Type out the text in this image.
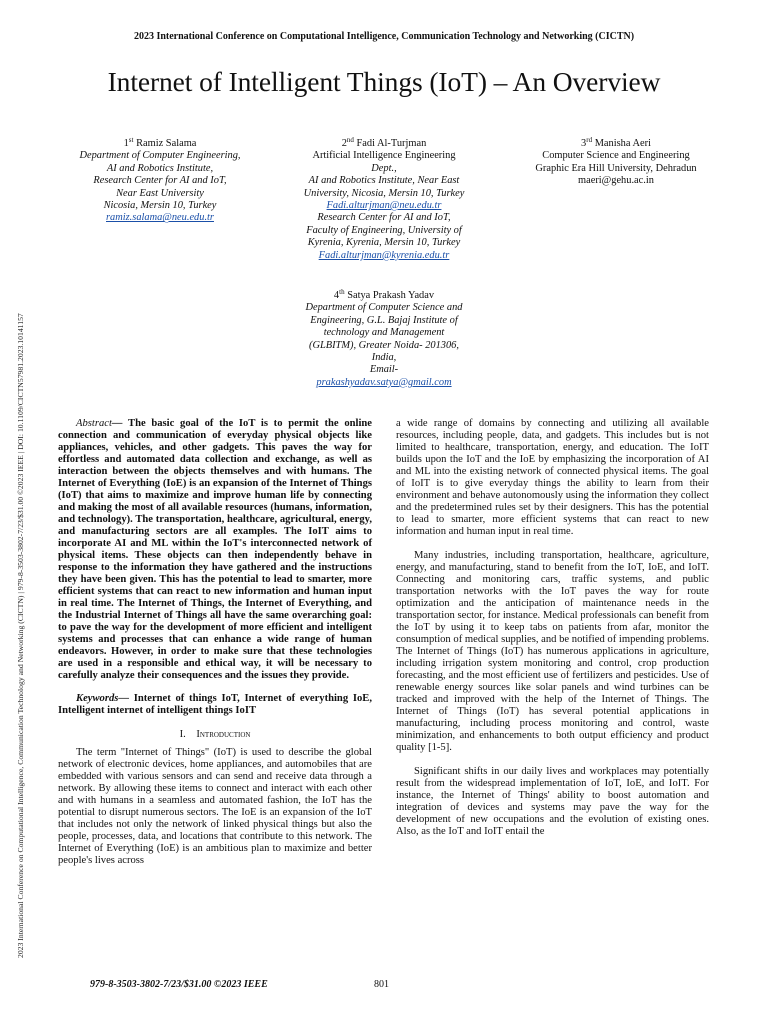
2023 International Conference on Computational Intelligence, Communication Technology and Networking (CICTN)
Internet of Intelligent Things (IoT) – An Overview
2023 International Conference on Computational Intelligence, Communication Technology and Networking (CICTN) | 979-8-3503-3802-7/23/$31.00 ©2023 IEEE | DOI: 10.1109/CICTN57981.2023.10141157
1st Ramiz Salama
Department of Computer Engineering,
AI and Robotics Institute,
Research Center for AI and IoT,
Near East University
Nicosia, Mersin 10, Turkey
ramiz.salama@neu.edu.tr
2nd Fadi Al-Turjman
Artificial Intelligence Engineering
Dept.,
AI and Robotics Institute, Near East
University, Nicosia, Mersin 10, Turkey
Fadi.alturjman@neu.edu.tr
Research Center for AI and IoT,
Faculty of Engineering, University of
Kyrenia, Kyrenia, Mersin 10, Turkey
Fadi.alturjman@kyrenia.edu.tr
3rd Manisha Aeri
Computer Science and Engineering
Graphic Era Hill University, Dehradun
maeri@gehu.ac.in
4th Satya Prakash Yadav
Department of Computer Science and
Engineering, G.L. Bajaj Institute of
technology and Management
(GLBITM), Greater Noida- 201306,
India,
Email-
prakashyadav.satya@gmail.com

Abstract— The basic goal of the IoT is to permit the online connection and communication of everyday physical objects like appliances, vehicles, and other gadgets. This paves the way for effortless and automated data collection and exchange, as well as interaction between the objects themselves and with humans. The Internet of Everything (IoE) is an expansion of the Internet of Things (IoT) that aims to maximize and improve human life by connecting and making the most of all available resources (humans, information, and technology). The transportation, healthcare, agricultural, energy, and manufacturing sectors are all examples. The IoIT aims to incorporate AI and ML within the IoT's interconnected network of physical items. These objects can then independently behave in response to the information they have gathered and the instructions they have been given. This has the potential to lead to smarter, more efficient systems that can react to new information and human input in real time. The Internet of Things, the Internet of Everything, and the Industrial Internet of Things all have the same overarching goal: to pave the way for the development of more efficient and intelligent systems and processes that can enhance a wide range of human endeavors. However, in order to make sure that these technologies are used in a responsible and ethical way, it will be necessary to carefully analyze their consequences and the issues they provide.

Keywords— Internet of things IoT, Internet of everything IoE, Intelligent internet of intelligent things IoIT

I. Introduction

The term "Internet of Things" (IoT) is used to describe the global network of electronic devices, home appliances, and automobiles that are embedded with various sensors and can send and receive data through a network. By allowing these items to connect and interact with each other and with humans in a seamless and automated fashion, the IoT has the potential to disrupt numerous sectors. The IoE is an expansion of the IoT that includes not only the network of linked physical things but also the people, processes, data, and locations that contribute to this network. The Internet of Everything (IoE) is an ambitious plan to maximize and better people's lives across

a wide range of domains by connecting and utilizing all available resources, including people, data, and gadgets. This includes but is not limited to healthcare, transportation, energy, and education. The IoIT builds upon the IoT and the IoE by emphasizing the incorporation of AI and ML into the existing network of connected physical items. The goal of IoIT is to give everyday things the ability to learn from their environment and behave autonomously using the information they collect and the predetermined rules set by their designers. This has the potential to lead to smarter, more efficient systems that can react to new information and human input in real time.

Many industries, including transportation, healthcare, agriculture, energy, and manufacturing, stand to benefit from the IoT, IoE, and IoIT. Connecting and monitoring cars, traffic systems, and public transportation networks with the IoT paves the way for route optimization and the anticipation of maintenance needs in the transportation sector, for instance. Medical professionals can benefit from the IoT by using it to keep tabs on patients from afar, monitor the consumption of medical supplies, and be notified of impending problems. The Internet of Things (IoT) has numerous applications in agriculture, including irrigation system monitoring and control, crop production forecasting, and the most efficient use of fertilizers and pesticides. Use of renewable energy sources like solar panels and wind turbines can be tracked and improved with the help of the Internet of Things. The Internet of Things (IoT) has several potential applications in manufacturing, including process monitoring and control, waste minimization, and enhancements to both output efficiency and product quality [1-5].

Significant shifts in our daily lives and workplaces may potentially result from the widespread implementation of IoT, IoE, and IoIT. For instance, the Internet of Things' ability to boost automation and integration of devices and systems may pave the way for the development of new occupations and the evolution of existing ones. Also, as the IoT and IoIT entail the

979-8-3503-3802-7/23/$31.00 ©2023 IEEE	801
